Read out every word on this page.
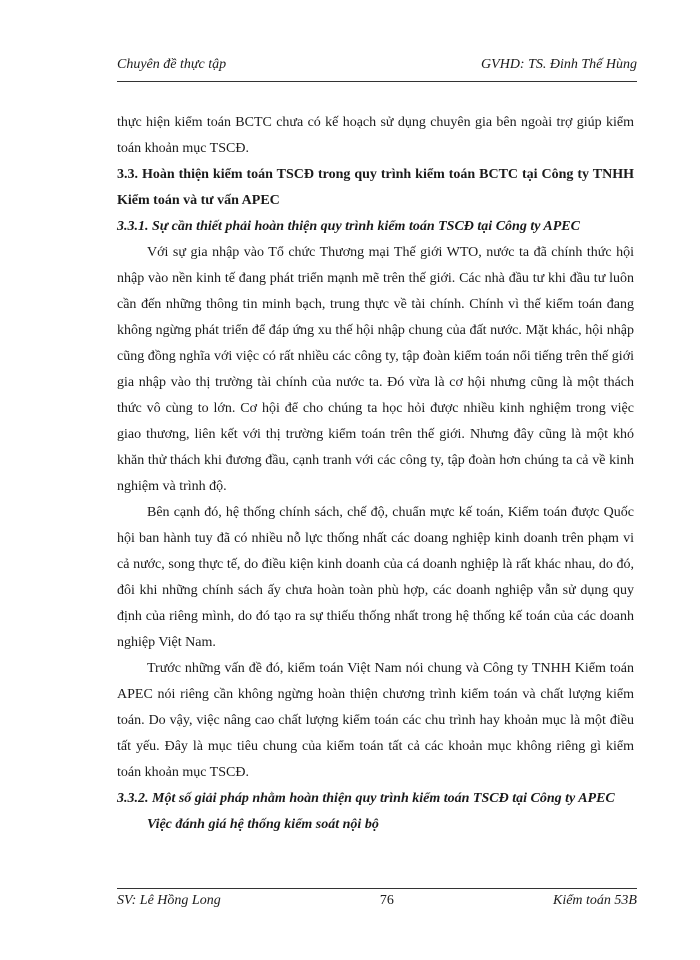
Chuyên đề thực tập	GVHD: TS. Đinh Thế Hùng

thực hiện kiểm toán BCTC chưa có kế hoạch sử dụng chuyên gia bên ngoài trợ giúp kiểm toán khoản mục TSCĐ.

3.3. Hoàn thiện kiểm toán TSCĐ trong quy trình kiểm toán BCTC tại Công ty TNHH Kiểm toán và tư vấn APEC

3.3.1. Sự cần thiết phải hoàn thiện quy trình kiểm toán TSCĐ tại Công ty APEC

Với sự gia nhập vào Tổ chức Thương mại Thế giới WTO, nước ta đã chính thức hội nhập vào nền kinh tế đang phát triển mạnh mẽ trên thế giới. Các nhà đầu tư khi đầu tư luôn cần đến những thông tin minh bạch, trung thực về tài chính. Chính vì thế kiểm toán đang không ngừng phát triển để đáp ứng xu thế hội nhập chung của đất nước. Mặt khác, hội nhập cũng đồng nghĩa với việc có rất nhiều các công ty, tập đoàn kiểm toán nổi tiếng trên thế giới gia nhập vào thị trường tài chính của nước ta. Đó vừa là cơ hội nhưng cũng là một thách thức vô cùng to lớn. Cơ hội để cho chúng ta học hỏi được nhiều kinh nghiệm trong việc giao thương, liên kết với thị trường kiểm toán trên thế giới. Nhưng đây cũng là một khó khăn thử thách khi đương đầu, cạnh tranh với các công ty, tập đoàn hơn chúng ta cả về kinh nghiệm và trình độ.

Bên cạnh đó, hệ thống chính sách, chế độ, chuẩn mực kế toán, Kiểm toán được Quốc hội ban hành tuy đã có nhiều nỗ lực thống nhất các doang nghiệp kinh doanh trên phạm vi cả nước, song thực tế, do điều kiện kinh doanh của cá doanh nghiệp là rất khác nhau, do đó, đôi khi những chính sách ấy chưa hoàn toàn phù hợp, các doanh nghiệp vẫn sử dụng quy định của riêng mình, do đó tạo ra sự thiếu thống nhất trong hệ thống kế toán của các doanh nghiệp Việt Nam.

Trước những vấn đề đó, kiểm toán Việt Nam nói chung và Công ty TNHH Kiểm toán APEC nói riêng cần không ngừng hoàn thiện chương trình kiểm toán và chất lượng kiểm toán. Do vậy, việc nâng cao chất lượng kiểm toán các chu trình hay khoản mục là một điều tất yếu. Đây là mục tiêu chung của kiểm toán tất cả các khoản mục không riêng gì kiểm toán khoản mục TSCĐ.

3.3.2. Một số giải pháp nhằm hoàn thiện quy trình kiểm toán TSCĐ tại Công ty APEC

Việc đánh giá hệ thống kiểm soát nội bộ

SV: Lê Hồng Long	76	Kiểm toán 53B
